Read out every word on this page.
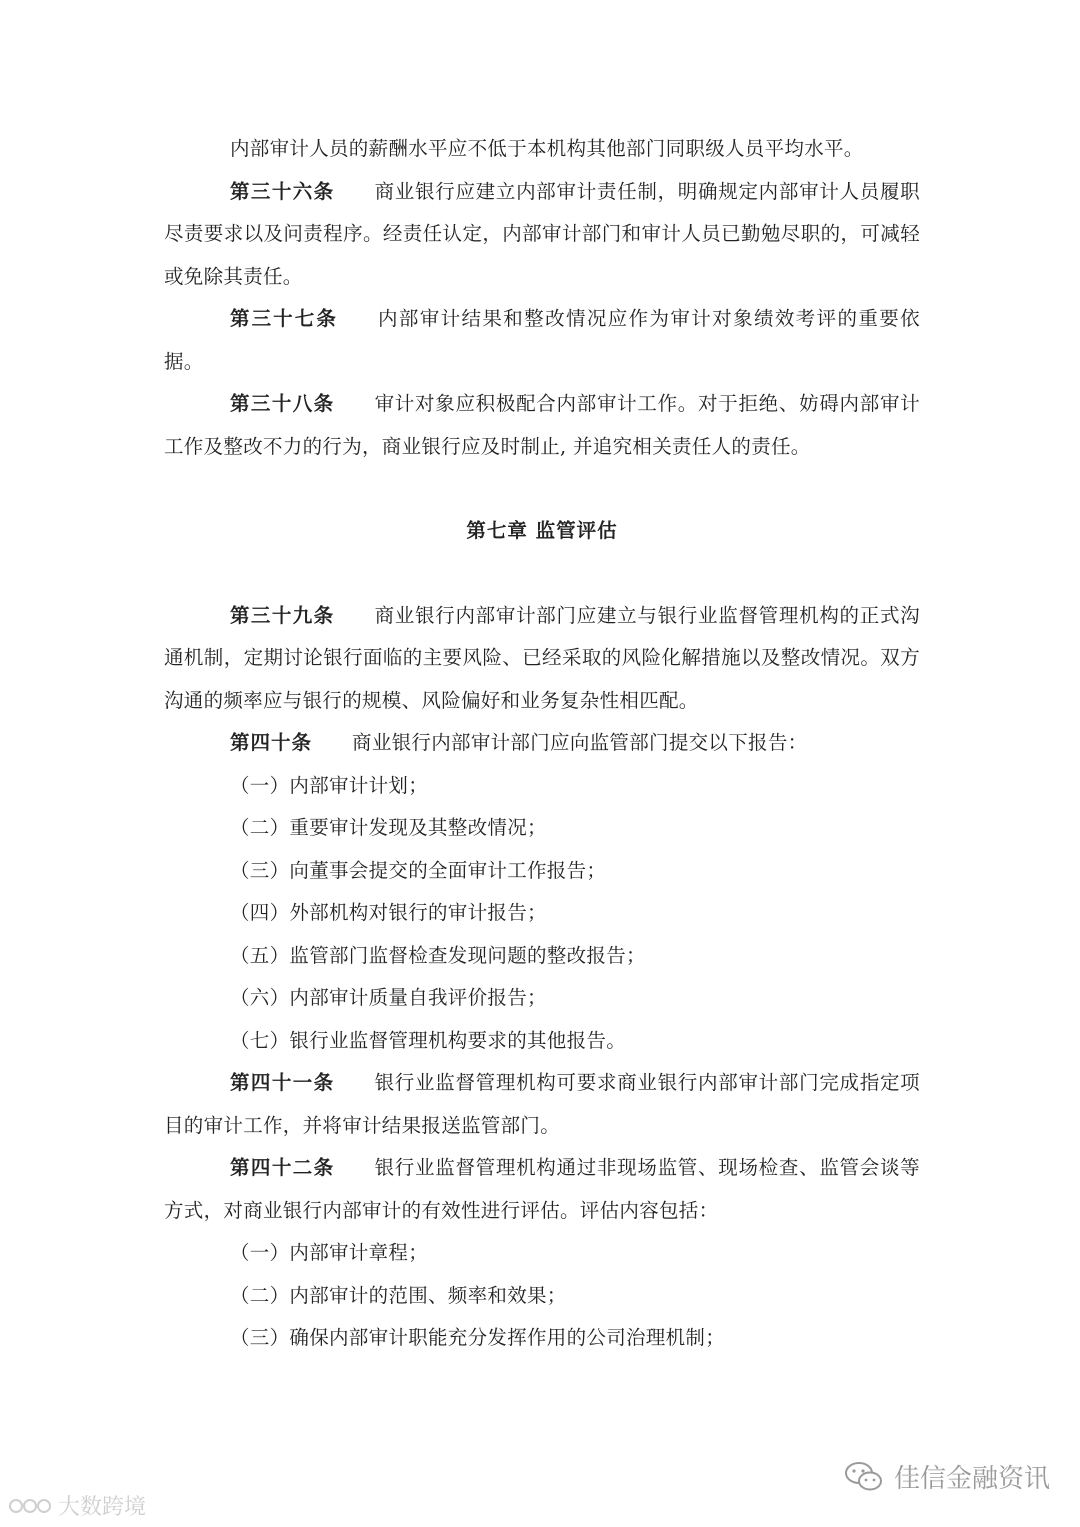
内部审计人员的薪酬水平应不低于本机构其他部门同职级人员平均水平。

第三十六条 商业银行应建立内部审计责任制，明确规定内部审计人员履职尽责要求以及问责程序。经责任认定，内部审计部门和审计人员已勤勉尽职的，可减轻或免除其责任。

第三十七条 内部审计结果和整改情况应作为审计对象绩效考评的重要依据。

第三十八条 审计对象应积极配合内部审计工作。对于拒绝、妨碍内部审计工作及整改不力的行为，商业银行应及时制止, 并追究相关责任人的责任。

第七章 监管评估

第三十九条 商业银行内部审计部门应建立与银行业监督管理机构的正式沟通机制，定期讨论银行面临的主要风险、已经采取的风险化解措施以及整改情况。双方沟通的频率应与银行的规模、风险偏好和业务复杂性相匹配。

第四十条 商业银行内部审计部门应向监管部门提交以下报告：

（一）内部审计计划；

（二）重要审计发现及其整改情况；

（三）向董事会提交的全面审计工作报告；

（四）外部机构对银行的审计报告；

（五）监管部门监督检查发现问题的整改报告；

（六）内部审计质量自我评价报告；

（七）银行业监督管理机构要求的其他报告。

第四十一条 银行业监督管理机构可要求商业银行内部审计部门完成指定项目的审计工作，并将审计结果报送监管部门。

第四十二条 银行业监督管理机构通过非现场监管、现场检查、监管会谈等方式，对商业银行内部审计的有效性进行评估。评估内容包括：

（一）内部审计章程；

（二）内部审计的范围、频率和效果；

（三）确保内部审计职能充分发挥作用的公司治理机制；

大数跨境
佳信金融资讯
